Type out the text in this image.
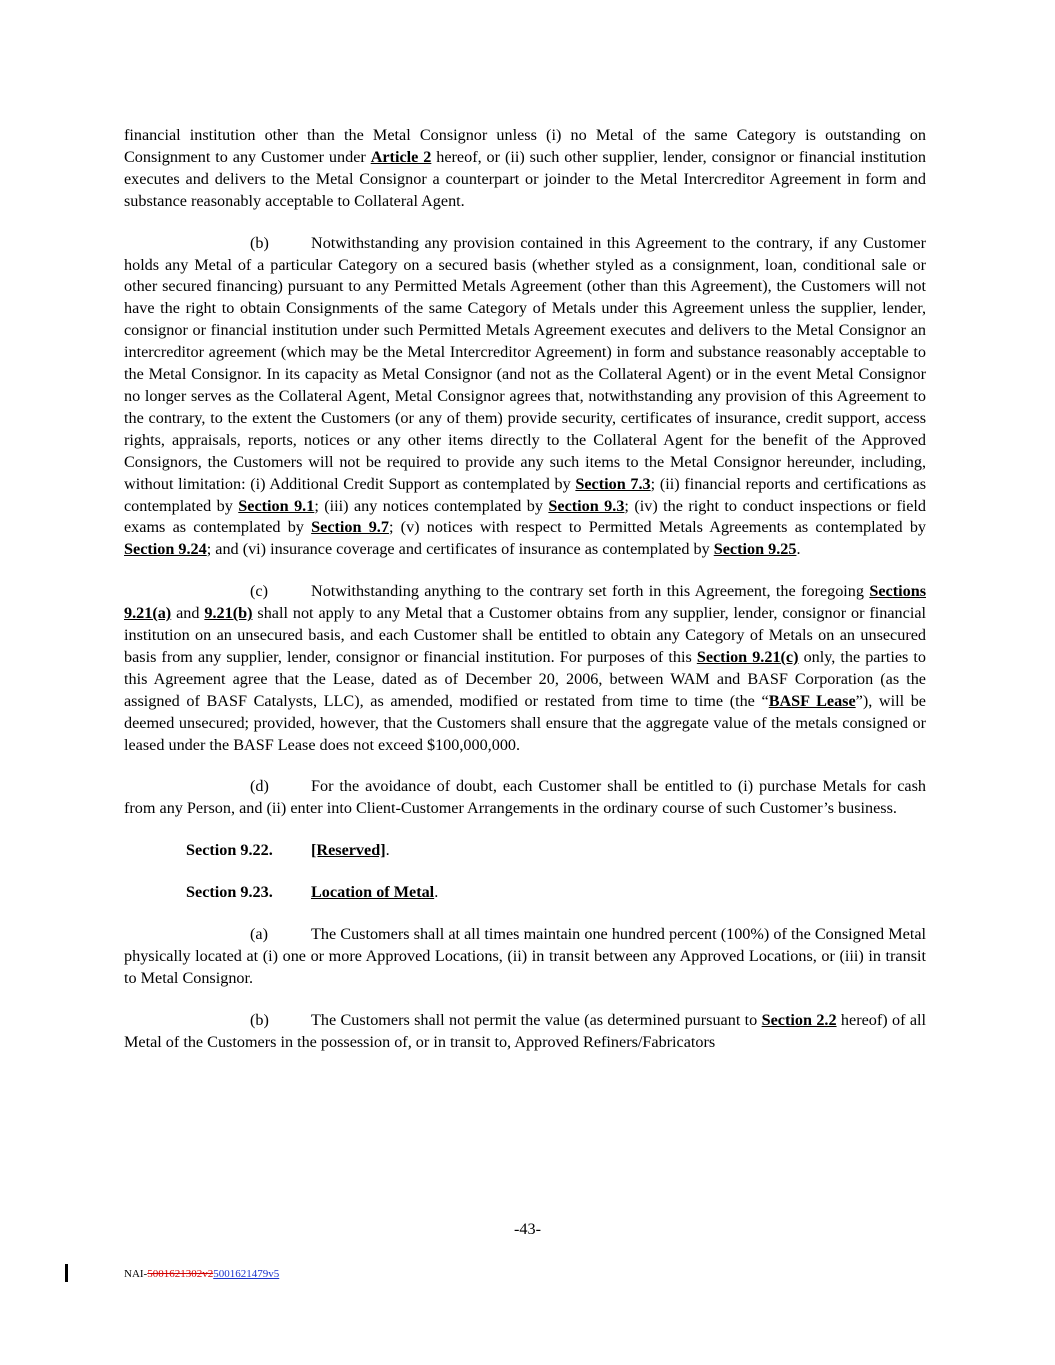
financial institution other than the Metal Consignor unless (i) no Metal of the same Category is outstanding on Consignment to any Customer under Article 2 hereof, or (ii) such other supplier, lender, consignor or financial institution executes and delivers to the Metal Consignor a counterpart or joinder to the Metal Intercreditor Agreement in form and substance reasonably acceptable to Collateral Agent.

(b)	Notwithstanding any provision contained in this Agreement to the contrary, if any Customer holds any Metal of a particular Category on a secured basis (whether styled as a consignment, loan, conditional sale or other secured financing) pursuant to any Permitted Metals Agreement (other than this Agreement), the Customers will not have the right to obtain Consignments of the same Category of Metals under this Agreement unless the supplier, lender, consignor or financial institution under such Permitted Metals Agreement executes and delivers to the Metal Consignor an intercreditor agreement (which may be the Metal Intercreditor Agreement) in form and substance reasonably acceptable to the Metal Consignor. In its capacity as Metal Consignor (and not as the Collateral Agent) or in the event Metal Consignor no longer serves as the Collateral Agent, Metal Consignor agrees that, notwithstanding any provision of this Agreement to the contrary, to the extent the Customers (or any of them) provide security, certificates of insurance, credit support, access rights, appraisals, reports, notices or any other items directly to the Collateral Agent for the benefit of the Approved Consignors, the Customers will not be required to provide any such items to the Metal Consignor hereunder, including, without limitation: (i) Additional Credit Support as contemplated by Section 7.3; (ii) financial reports and certifications as contemplated by Section 9.1; (iii) any notices contemplated by Section 9.3; (iv) the right to conduct inspections or field exams as contemplated by Section 9.7; (v) notices with respect to Permitted Metals Agreements as contemplated by Section 9.24; and (vi) insurance coverage and certificates of insurance as contemplated by Section 9.25.

(c)	Notwithstanding anything to the contrary set forth in this Agreement, the foregoing Sections 9.21(a) and 9.21(b) shall not apply to any Metal that a Customer obtains from any supplier, lender, consignor or financial institution on an unsecured basis, and each Customer shall be entitled to obtain any Category of Metals on an unsecured basis from any supplier, lender, consignor or financial institution. For purposes of this Section 9.21(c) only, the parties to this Agreement agree that the Lease, dated as of December 20, 2006, between WAM and BASF Corporation (as the assigned of BASF Catalysts, LLC), as amended, modified or restated from time to time (the “BASF Lease”), will be deemed unsecured; provided, however, that the Customers shall ensure that the aggregate value of the metals consigned or leased under the BASF Lease does not exceed $100,000,000.

(d)	For the avoidance of doubt, each Customer shall be entitled to (i) purchase Metals for cash from any Person, and (ii) enter into Client-Customer Arrangements in the ordinary course of such Customer’s business.

Section 9.22. [Reserved].
Section 9.23. Location of Metal.

(a)	The Customers shall at all times maintain one hundred percent (100%) of the Consigned Metal physically located at (i) one or more Approved Locations, (ii) in transit between any Approved Locations, or (iii) in transit to Metal Consignor.

(b)	The Customers shall not permit the value (as determined pursuant to Section 2.2 hereof) of all Metal of the Customers in the possession of, or in transit to, Approved Refiners/Fabricators

-43-
NAI-5001621302v25001621479v5
